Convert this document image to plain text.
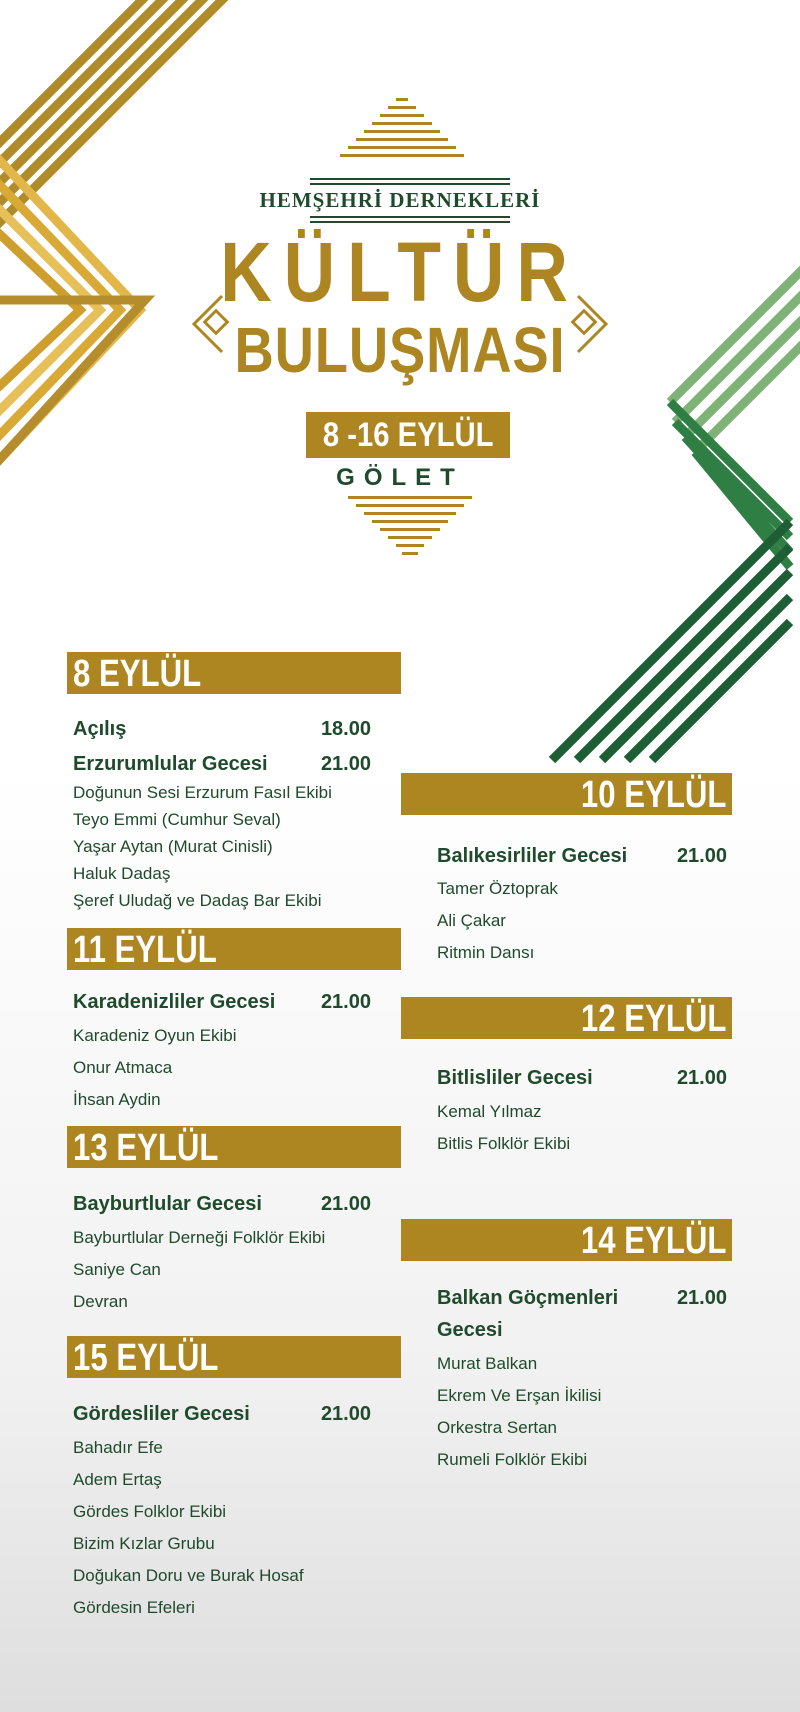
HEMŞEHRİ DERNEKLERİ
KÜLTÜR
BULUŞMASI
8 -16 EYLÜL
GÖLET
8 EYLÜL
Açılış	18.00
Erzurumlular Gecesi	21.00
Doğunun Sesi Erzurum Fasıl Ekibi
Teyo Emmi (Cumhur Seval)
Yaşar Aytan (Murat Cinisli)
Haluk Dadaş
Şeref Uludağ ve Dadaş Bar Ekibi
11 EYLÜL
Karadenizliler Gecesi 21.00
Karadeniz Oyun Ekibi
Onur Atmaca
İhsan Aydin
13 EYLÜL
Bayburtlular Gecesi	21.00
Bayburtlular Derneği Folklör Ekibi
Saniye Can
Devran
15 EYLÜL
Gördesliler Gecesi	21.00
Bahadır Efe
Adem Ertaş
Gördes Folklor Ekibi
Bizim Kızlar Grubu
Doğukan Doru ve Burak Hosaf
Gördesin Efeleri
10 EYLÜL
Balıkesirliler Gecesi 21.00
Tamer Öztoprak
Ali Çakar
Ritmin Dansı
12 EYLÜL
Bitlisliler Gecesi	21.00
Kemal Yılmaz
Bitlis Folklör Ekibi
14 EYLÜL
Balkan Göçmenleri	21.00
Gecesi
Murat Balkan
Ekrem Ve Erşan İkilisi
Orkestra Sertan
Rumeli Folklör Ekibi
